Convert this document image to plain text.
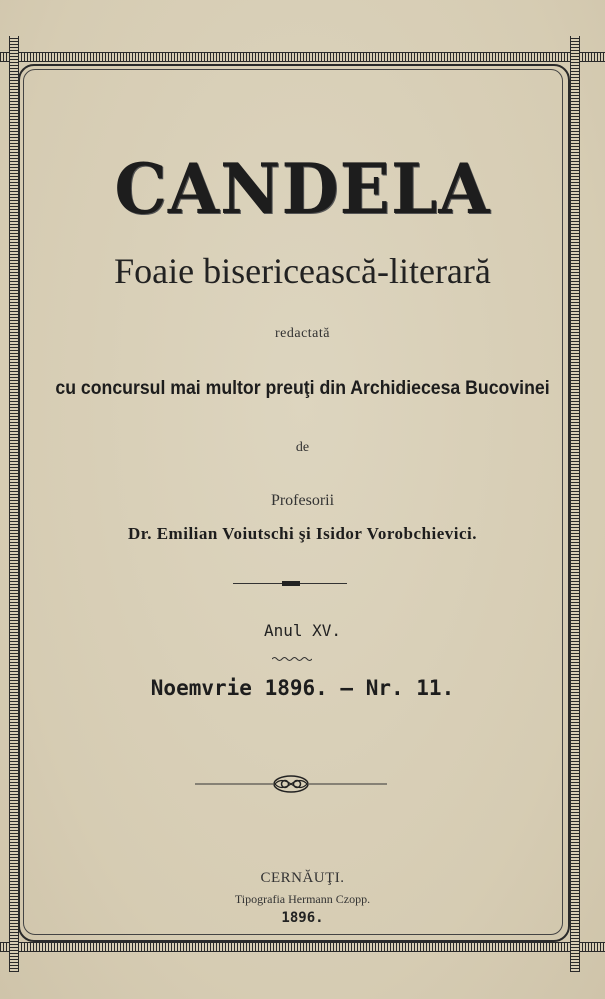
CANDELA
Foaie bisericească-literară
redactată
cu concursul mai multor preuţi din Archidiecesa Bucovinei
de
Profesorii
Dr. Emilian Voiutschi şi Isidor Vorobchievici.
Anul XV.
Noemvrie 1896. — Nr. 11.
CERNĂUŢI.
Tipografia Hermann Czopp.
1896.
